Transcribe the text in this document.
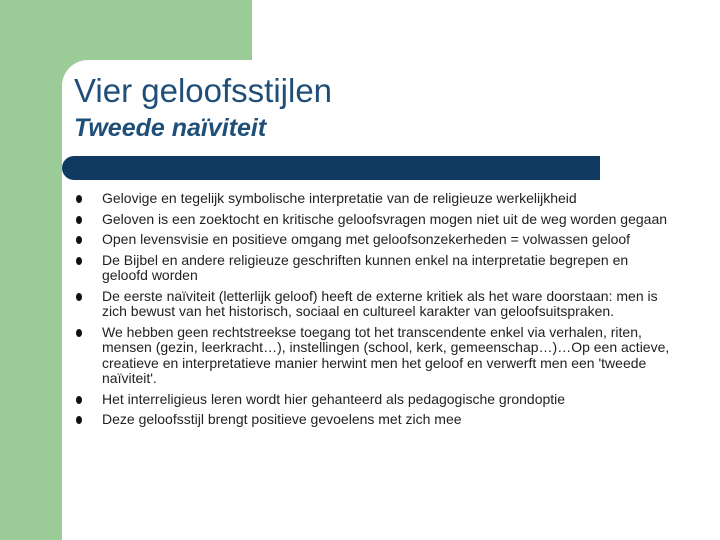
Vier geloofsstijlen
Tweede naïviteit
Gelovige en tegelijk symbolische interpretatie van de religieuze werkelijkheid
Geloven is een zoektocht en kritische geloofsvragen mogen niet uit de weg worden gegaan
Open levensvisie en positieve omgang met geloofsonzekerheden = volwassen geloof
De Bijbel en andere religieuze geschriften kunnen enkel na interpretatie begrepen en geloofd worden
De eerste naïviteit (letterlijk geloof) heeft de externe kritiek als het ware doorstaan: men is zich bewust van het historisch, sociaal en cultureel karakter van geloofsuitspraken.
We hebben geen rechtstreekse toegang tot het transcendente enkel via verhalen, riten, mensen (gezin, leerkracht…), instellingen (school, kerk, gemeenschap…)…Op een actieve, creatieve en interpretatieve manier herwint men het geloof en verwerft men een 'tweede naïviteit'.
Het interreligieus leren wordt hier gehanteerd als pedagogische grondoptie
Deze geloofsstijl brengt positieve gevoelens met zich mee
